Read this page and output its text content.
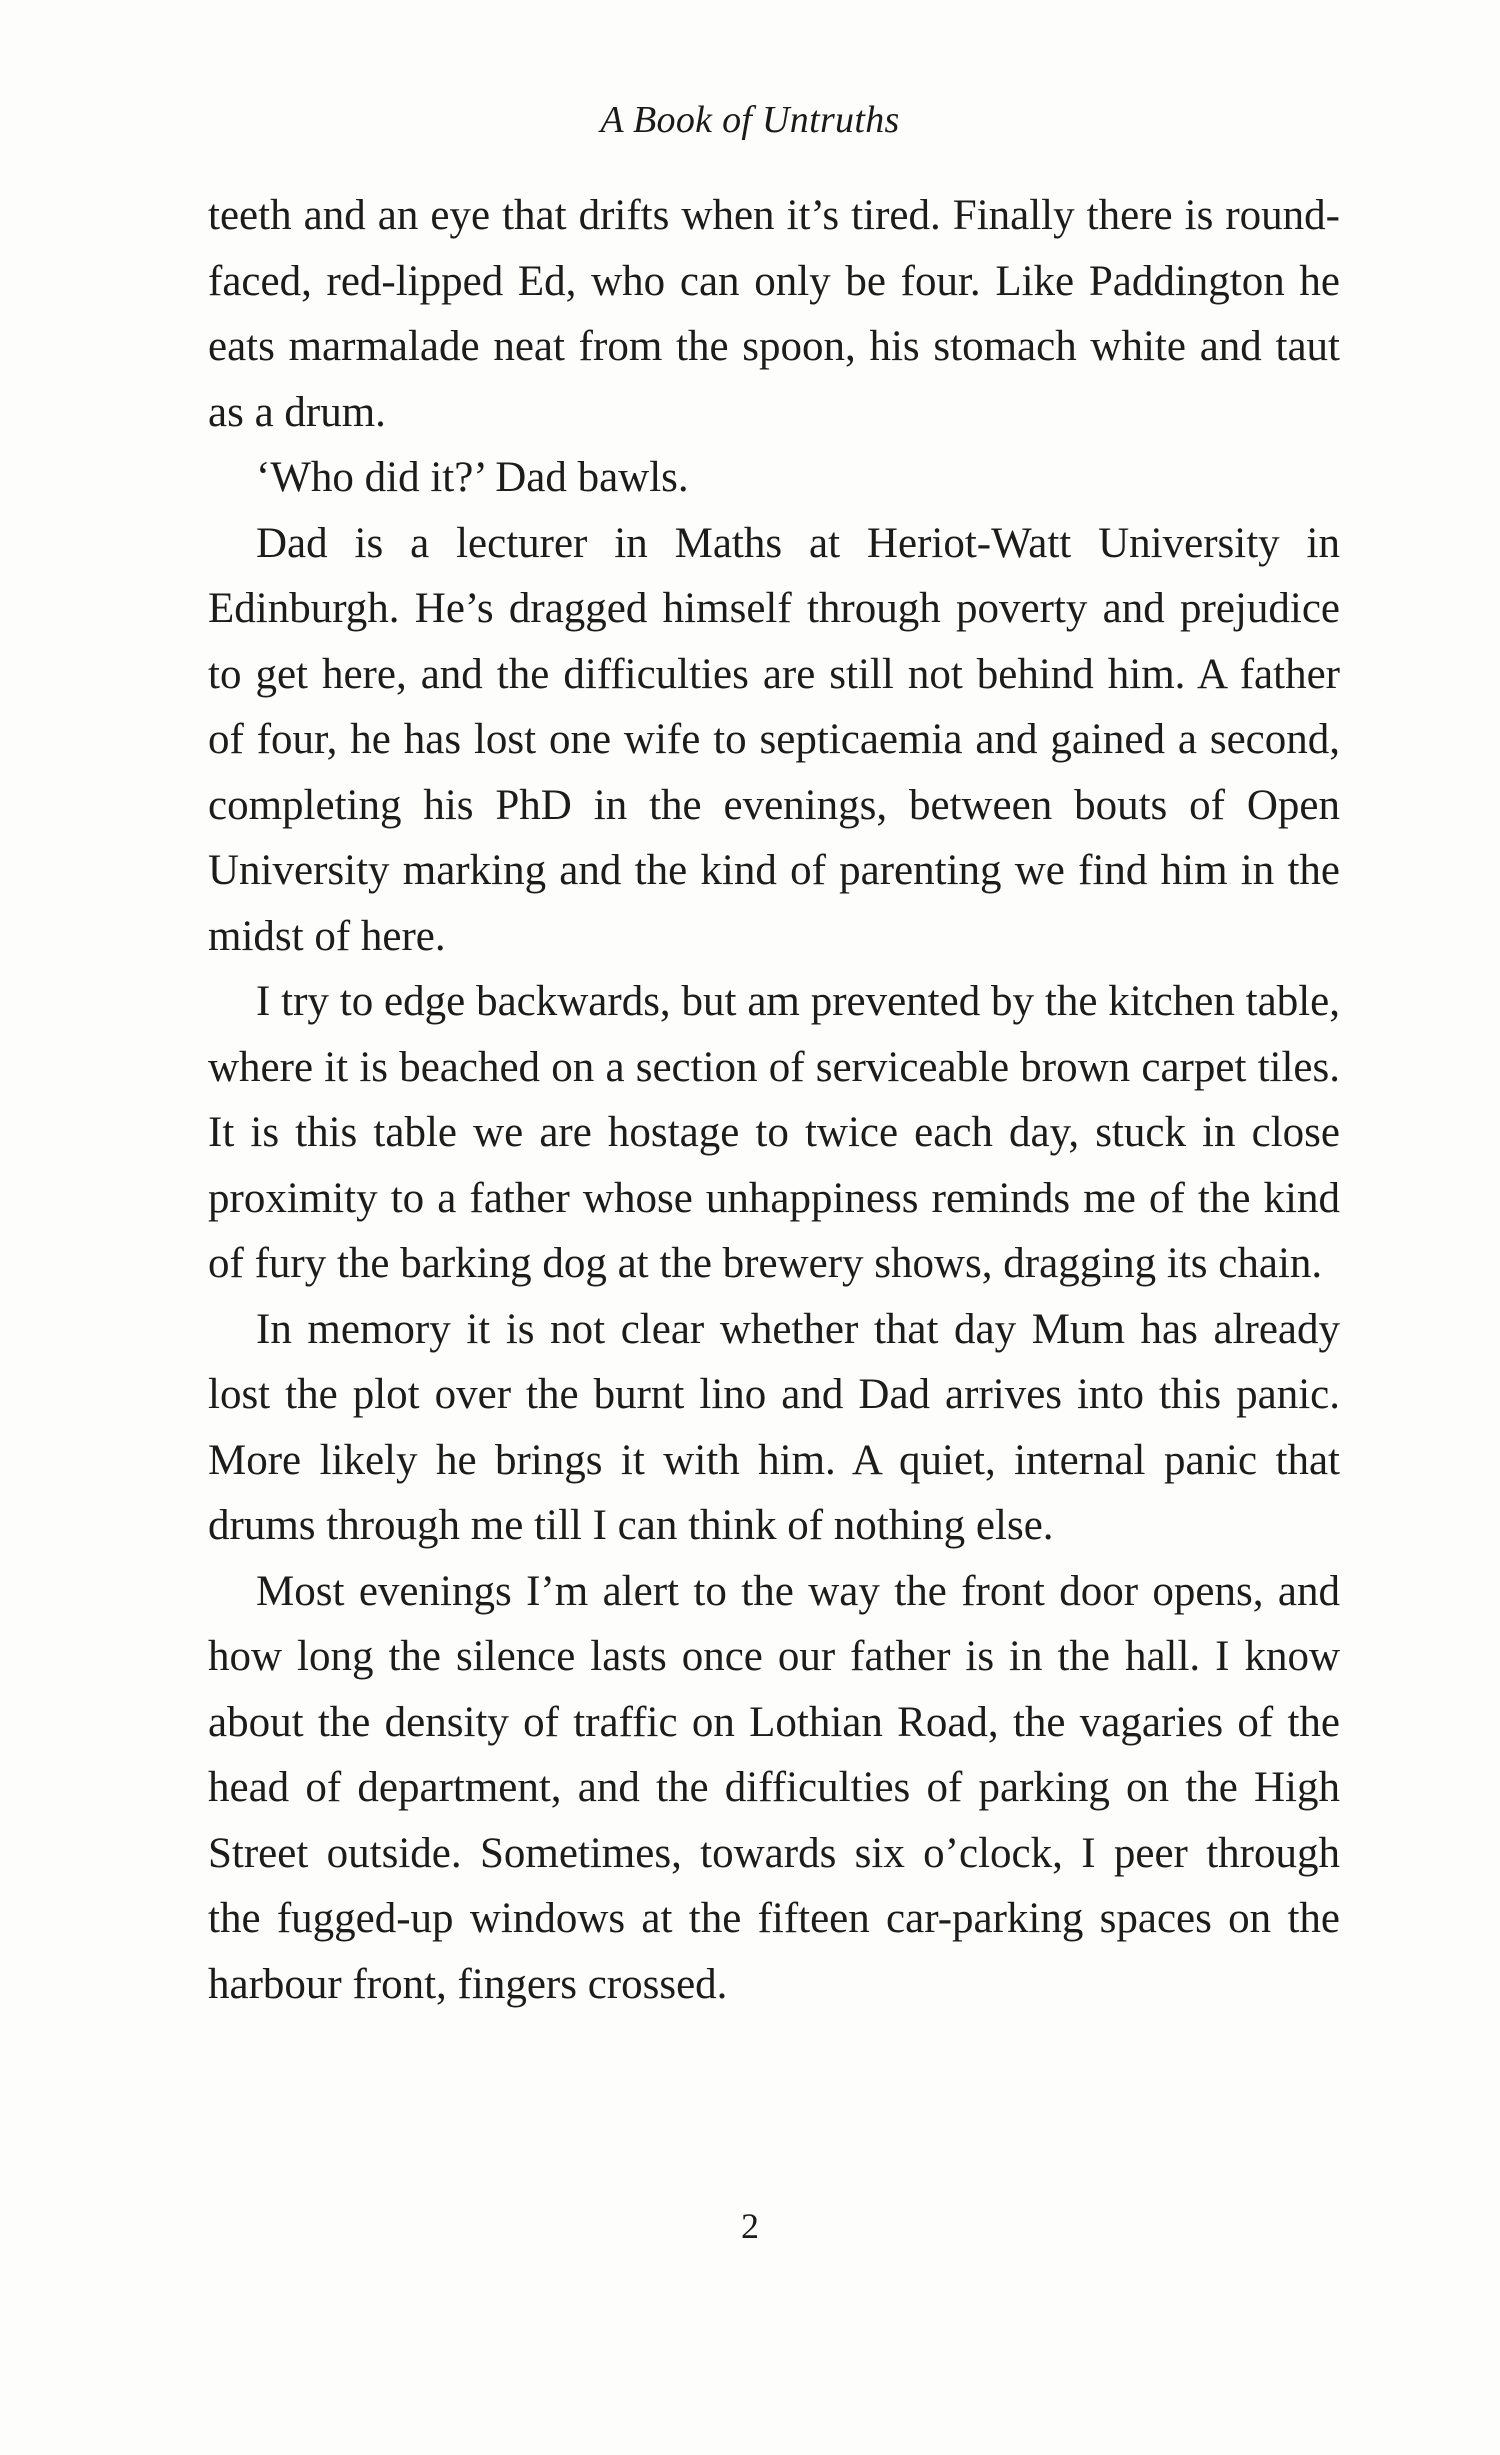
A Book of Untruths

teeth and an eye that drifts when it’s tired. Finally there is round-faced, red-lipped Ed, who can only be four. Like Paddington he eats marmalade neat from the spoon, his stomach white and taut as a drum.

‘Who did it?’ Dad bawls.

Dad is a lecturer in Maths at Heriot-Watt University in Edinburgh. He’s dragged himself through poverty and prejudice to get here, and the difficulties are still not behind him. A father of four, he has lost one wife to septicaemia and gained a second, completing his PhD in the evenings, between bouts of Open University marking and the kind of parenting we find him in the midst of here.

I try to edge backwards, but am prevented by the kitchen table, where it is beached on a section of serviceable brown carpet tiles. It is this table we are hostage to twice each day, stuck in close proximity to a father whose unhappiness reminds me of the kind of fury the barking dog at the brewery shows, dragging its chain.

In memory it is not clear whether that day Mum has already lost the plot over the burnt lino and Dad arrives into this panic. More likely he brings it with him. A quiet, internal panic that drums through me till I can think of nothing else.

Most evenings I’m alert to the way the front door opens, and how long the silence lasts once our father is in the hall. I know about the density of traffic on Lothian Road, the vagaries of the head of department, and the difficulties of parking on the High Street outside. Sometimes, towards six o’clock, I peer through the fugged-up windows at the fifteen car-parking spaces on the harbour front, fingers crossed.

2
